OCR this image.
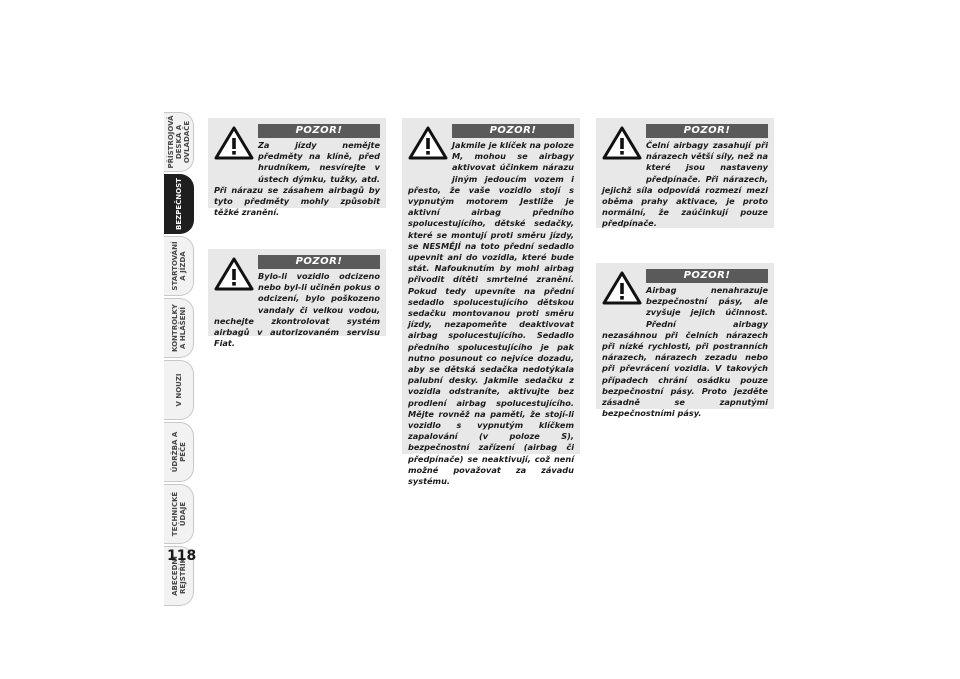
PŘÍSTROJOVÁ DESKA A
OVLADAČE
BEZPEČNOST
STARTOVÁNÍ
A JÍZDA
KONTROLKY
A HLÁŠENÍ
V NOUZI
ÚDRŽBA A
PÉČE
TECHNICKÉ
ÚDAJE
ABECEDNÍ
REJSTŘÍK
118
POZOR!

Za jízdy nemějte předměty na klíně, před hrudníkem, nesvírejte v ústech dýmku, tužky, atd. Při nárazu se zásahem airbagů by tyto předměty mohly způsobit těžké zranění.

POZOR!

Bylo-li vozidlo odcizeno nebo byl-li učiněn pokus o odcizení, bylo poškozeno vandaly či velkou vodou, nechejte zkontrolovat systém airbagů v autorizovaném servisu Fiat.

POZOR!

Jakmile je klíček na poloze M, mohou se airbagy aktivovat účinkem nárazu jiným jedoucím vozem i přesto, že vaše vozidlo stojí s vypnutým motorem Jestliže je aktivní airbag předního spolucestujícího, dětské sedačky, které se montují proti směru jízdy, se NESMĚJÍ na toto přední sedadlo upevnit ani do vozidla, které bude stát. Nafouknutím by mohl airbag přivodit dítěti smrtelné zranění. Pokud tedy upevníte na přední sedadlo spolucestujícího dětskou sedačku montovanou proti směru jízdy, nezapomeňte deaktivovat airbag spolucestujícího. Sedadlo předního spolucestujícího je pak nutno posunout co nejvíce dozadu, aby se dětská sedačka nedotýkala palubní desky. Jakmile sedačku z vozidla odstraníte, aktivujte bez prodlení airbag spolucestujícího. Mějte rovněž na paměti, že stojí-li vozidlo s vypnutým klíčkem zapalování (v poloze S), bezpečnostní zařízení (airbag či předpínače) se neaktivují, což není možné považovat za závadu systému.

POZOR!

Čelní airbagy zasahují při nárazech větší síly, než na které jsou nastaveny předpínače. Při nárazech, jejichž síla odpovídá rozmezí mezi oběma prahy aktivace, je proto normální, že zaúčinkují pouze předpínače.

POZOR!

Airbag nenahrazuje bezpečnostní pásy, ale zvyšuje jejich účinnost. Přední airbagy nezasáhnou při čelních nárazech při nízké rychlosti, při postranních nárazech, nárazech zezadu nebo při převrácení vozidla. V takových případech chrání osádku pouze bezpečnostní pásy. Proto jezděte zásadně se zapnutými bezpečnostními pásy.
